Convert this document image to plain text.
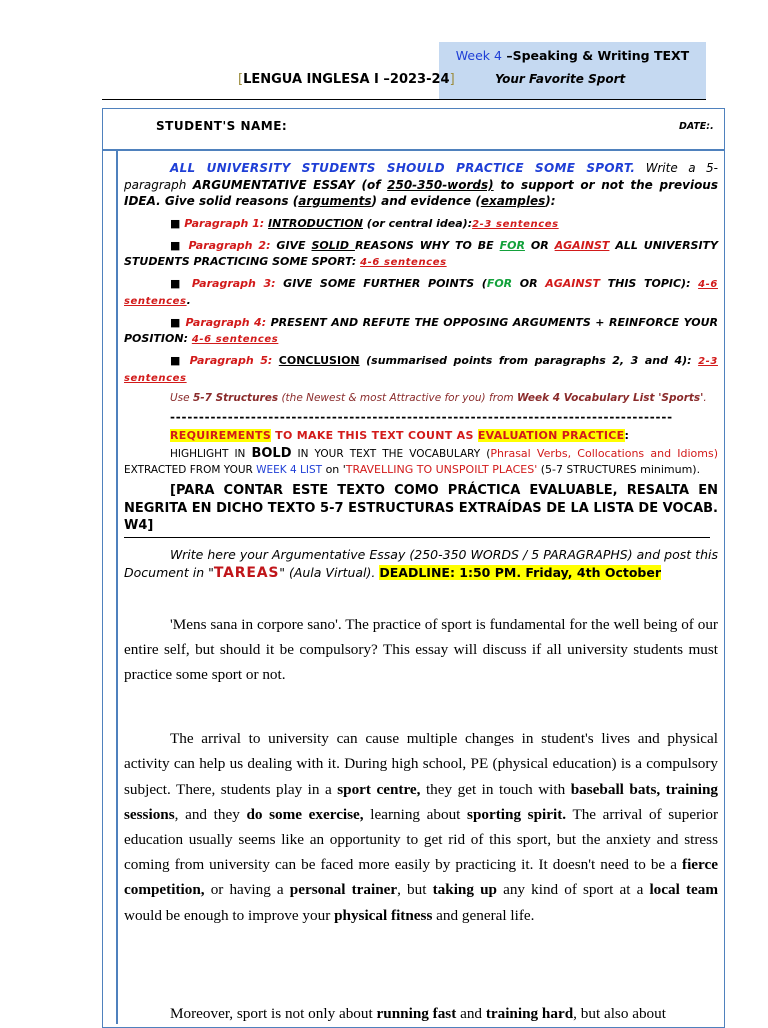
Week 4 –Speaking & Writing TEXT
Your Favorite Sport
[LENGUA INGLESA I –2023-24]
STUDENT'S NAME:	DATE:.

ALL UNIVERSITY STUDENTS SHOULD PRACTICE SOME SPORT. Write a 5-paragraph ARGUMENTATIVE ESSAY (of 250-350-words) to support or not the previous IDEA. Give solid reasons (arguments) and evidence (examples):

■ Paragraph 1: INTRODUCTION (or central idea):2-3 sentences

■ Paragraph 2: GIVE SOLID REASONS WHY TO BE FOR OR AGAINST ALL UNIVERSITY STUDENTS PRACTICING SOME SPORT: 4-6 sentences

■ Paragraph 3: GIVE SOME FURTHER POINTS (FOR OR AGAINST THIS TOPIC): 4-6 sentences.

■ Paragraph 4: PRESENT AND REFUTE THE OPPOSING ARGUMENTS + REINFORCE YOUR POSITION: 4-6 sentences

■ Paragraph 5: CONCLUSION (summarised points from paragraphs 2, 3 and 4): 2-3 sentences

Use 5-7 Structures (the Newest & most Attractive for you) from Week 4 Vocabulary List 'Sports'.

---------------------------------------------------------------------------------------

REQUIREMENTS TO MAKE THIS TEXT COUNT AS EVALUATION PRACTICE:

HIGHLIGHT IN BOLD IN YOUR TEXT THE VOCABULARY (Phrasal Verbs, Collocations and Idioms) EXTRACTED FROM YOUR WEEK 4 LIST on 'TRAVELLING TO UNSPOILT PLACES' (5-7 STRUCTURES minimum).

[PARA CONTAR ESTE TEXTO COMO PRÁCTICA EVALUABLE, RESALTA EN NEGRITA EN DICHO TEXTO 5-7 ESTRUCTURAS EXTRAÍDAS DE LA LISTA DE VOCAB. W4]

Write here your Argumentative Essay (250-350 WORDS / 5 PARAGRAPHS) and post this Document in "TAREAS" (Aula Virtual). DEADLINE: 1:50 PM. Friday, 4th October

'Mens sana in corpore sano'. The practice of sport is fundamental for the well being of our entire self, but should it be compulsory? This essay will discuss if all university students must practice some sport or not.

The arrival to university can cause multiple changes in student's lives and physical activity can help us dealing with it. During high school, PE (physical education) is a compulsory subject. There, students play in a sport centre, they get in touch with baseball bats, training sessions, and they do some exercise, learning about sporting spirit. The arrival of superior education usually seems like an opportunity to get rid of this sport, but the anxiety and stress coming from university can be faced more easily by practicing it. It doesn't need to be a fierce competition, or having a personal trainer, but taking up any kind of sport at a local team would be enough to improve your physical fitness and general life.

Moreover, sport is not only about running fast and training hard, but also about
